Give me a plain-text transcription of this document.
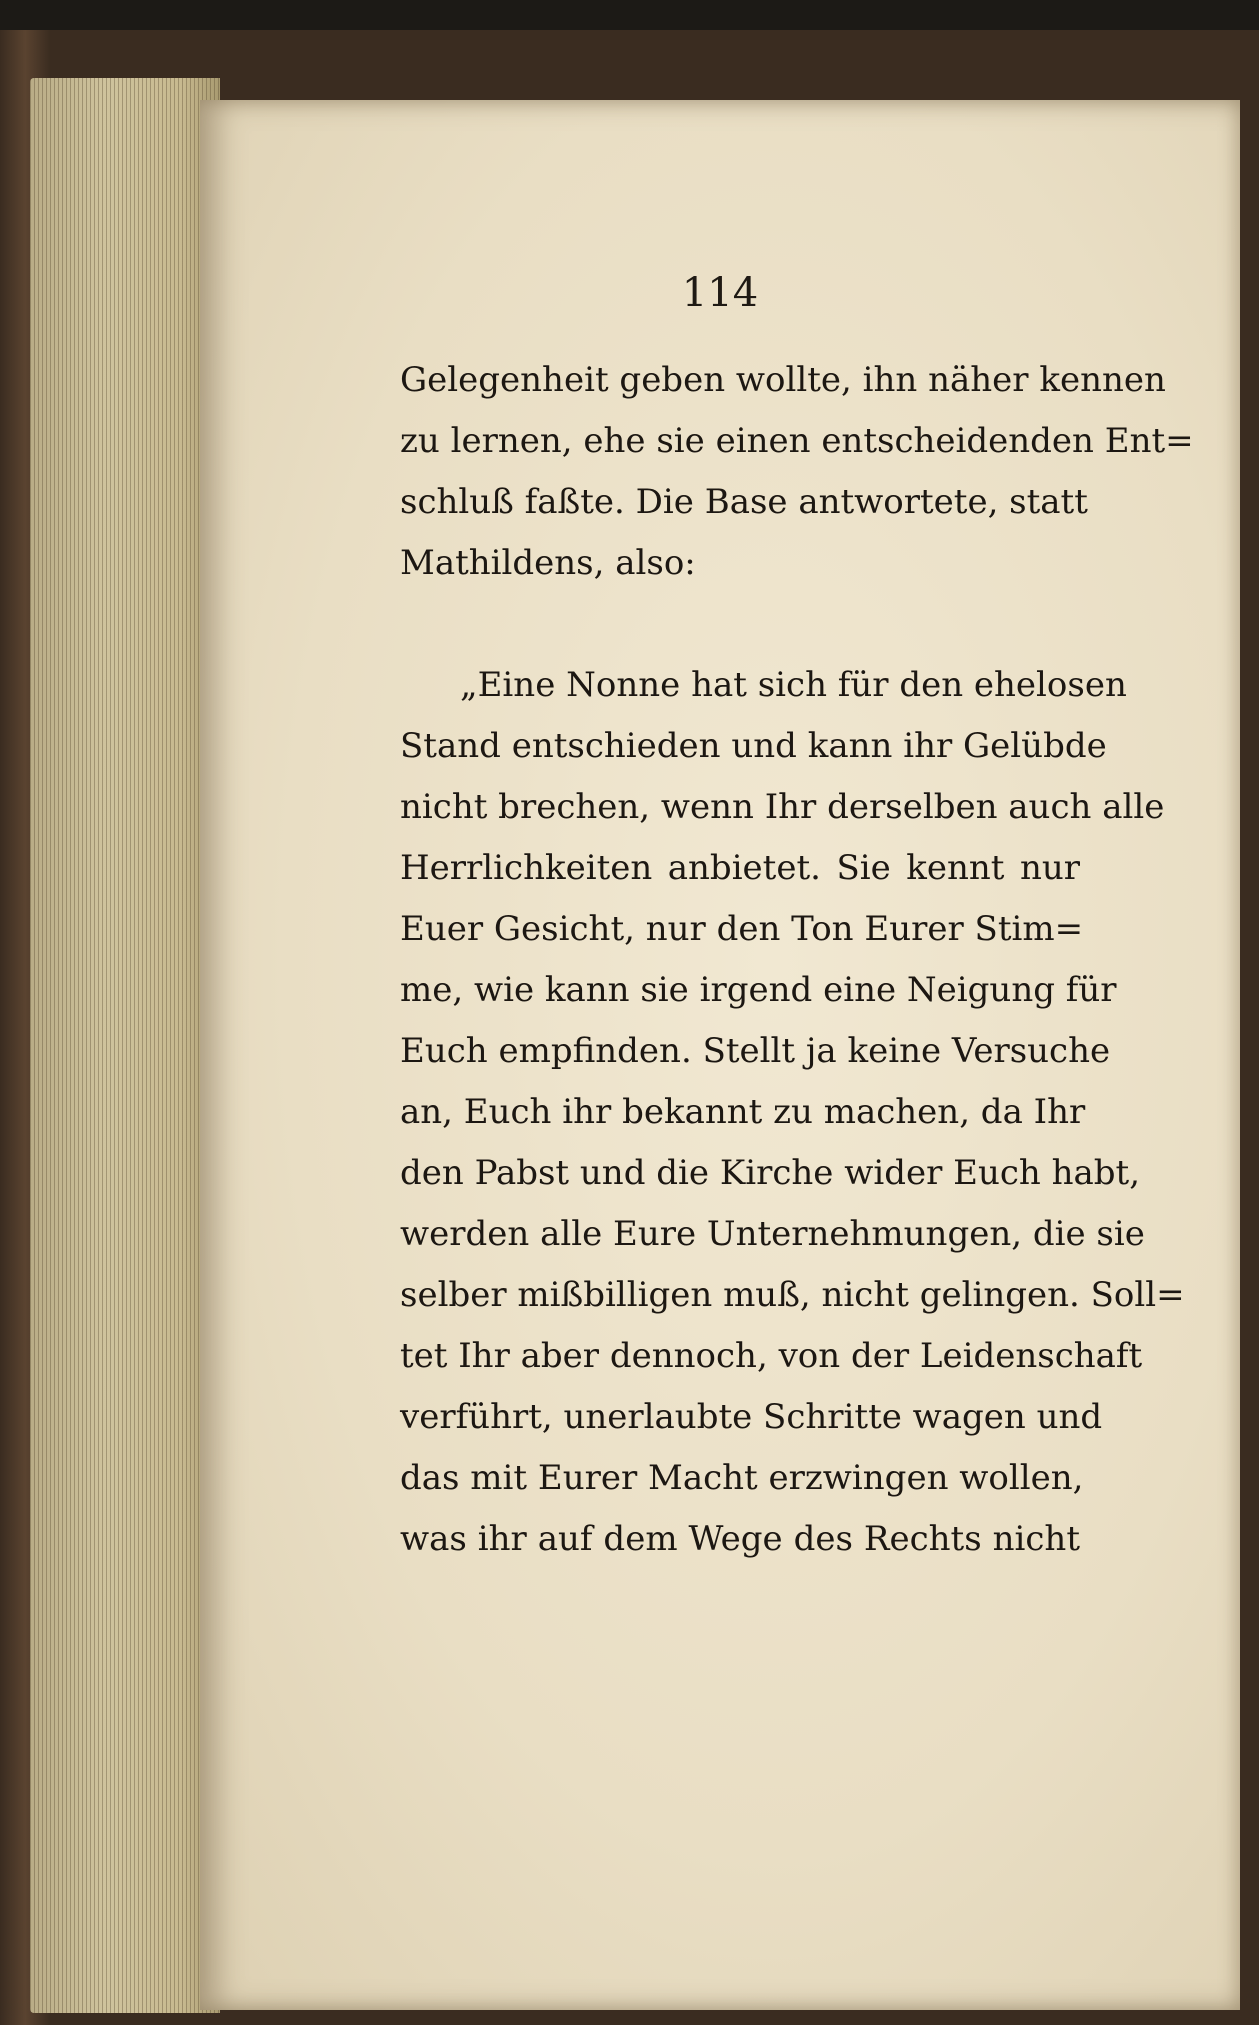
114
Gelegenheit geben wollte, ihn näher kennen
zu lernen, ehe sie einen entscheidenden Ent=
schluß faßte. Die Base antwortete, statt
Mathildens, also:
„Eine Nonne hat sich für den ehelosen
Stand entschieden und kann ihr Gelübde
nicht brechen, wenn Ihr derselben auch alle
Herrlichkeiten anbietet. Sie kennt nur
Euer Gesicht, nur den Ton Eurer Stim=
me, wie kann sie irgend eine Neigung für
Euch empfinden. Stellt ja keine Versuche
an, Euch ihr bekannt zu machen, da Ihr
den Pabst und die Kirche wider Euch habt,
werden alle Eure Unternehmungen, die sie
selber mißbilligen muß, nicht gelingen. Soll=
tet Ihr aber dennoch, von der Leidenschaft
verführt, unerlaubte Schritte wagen und
das mit Eurer Macht erzwingen wollen,
was ihr auf dem Wege des Rechts nicht
